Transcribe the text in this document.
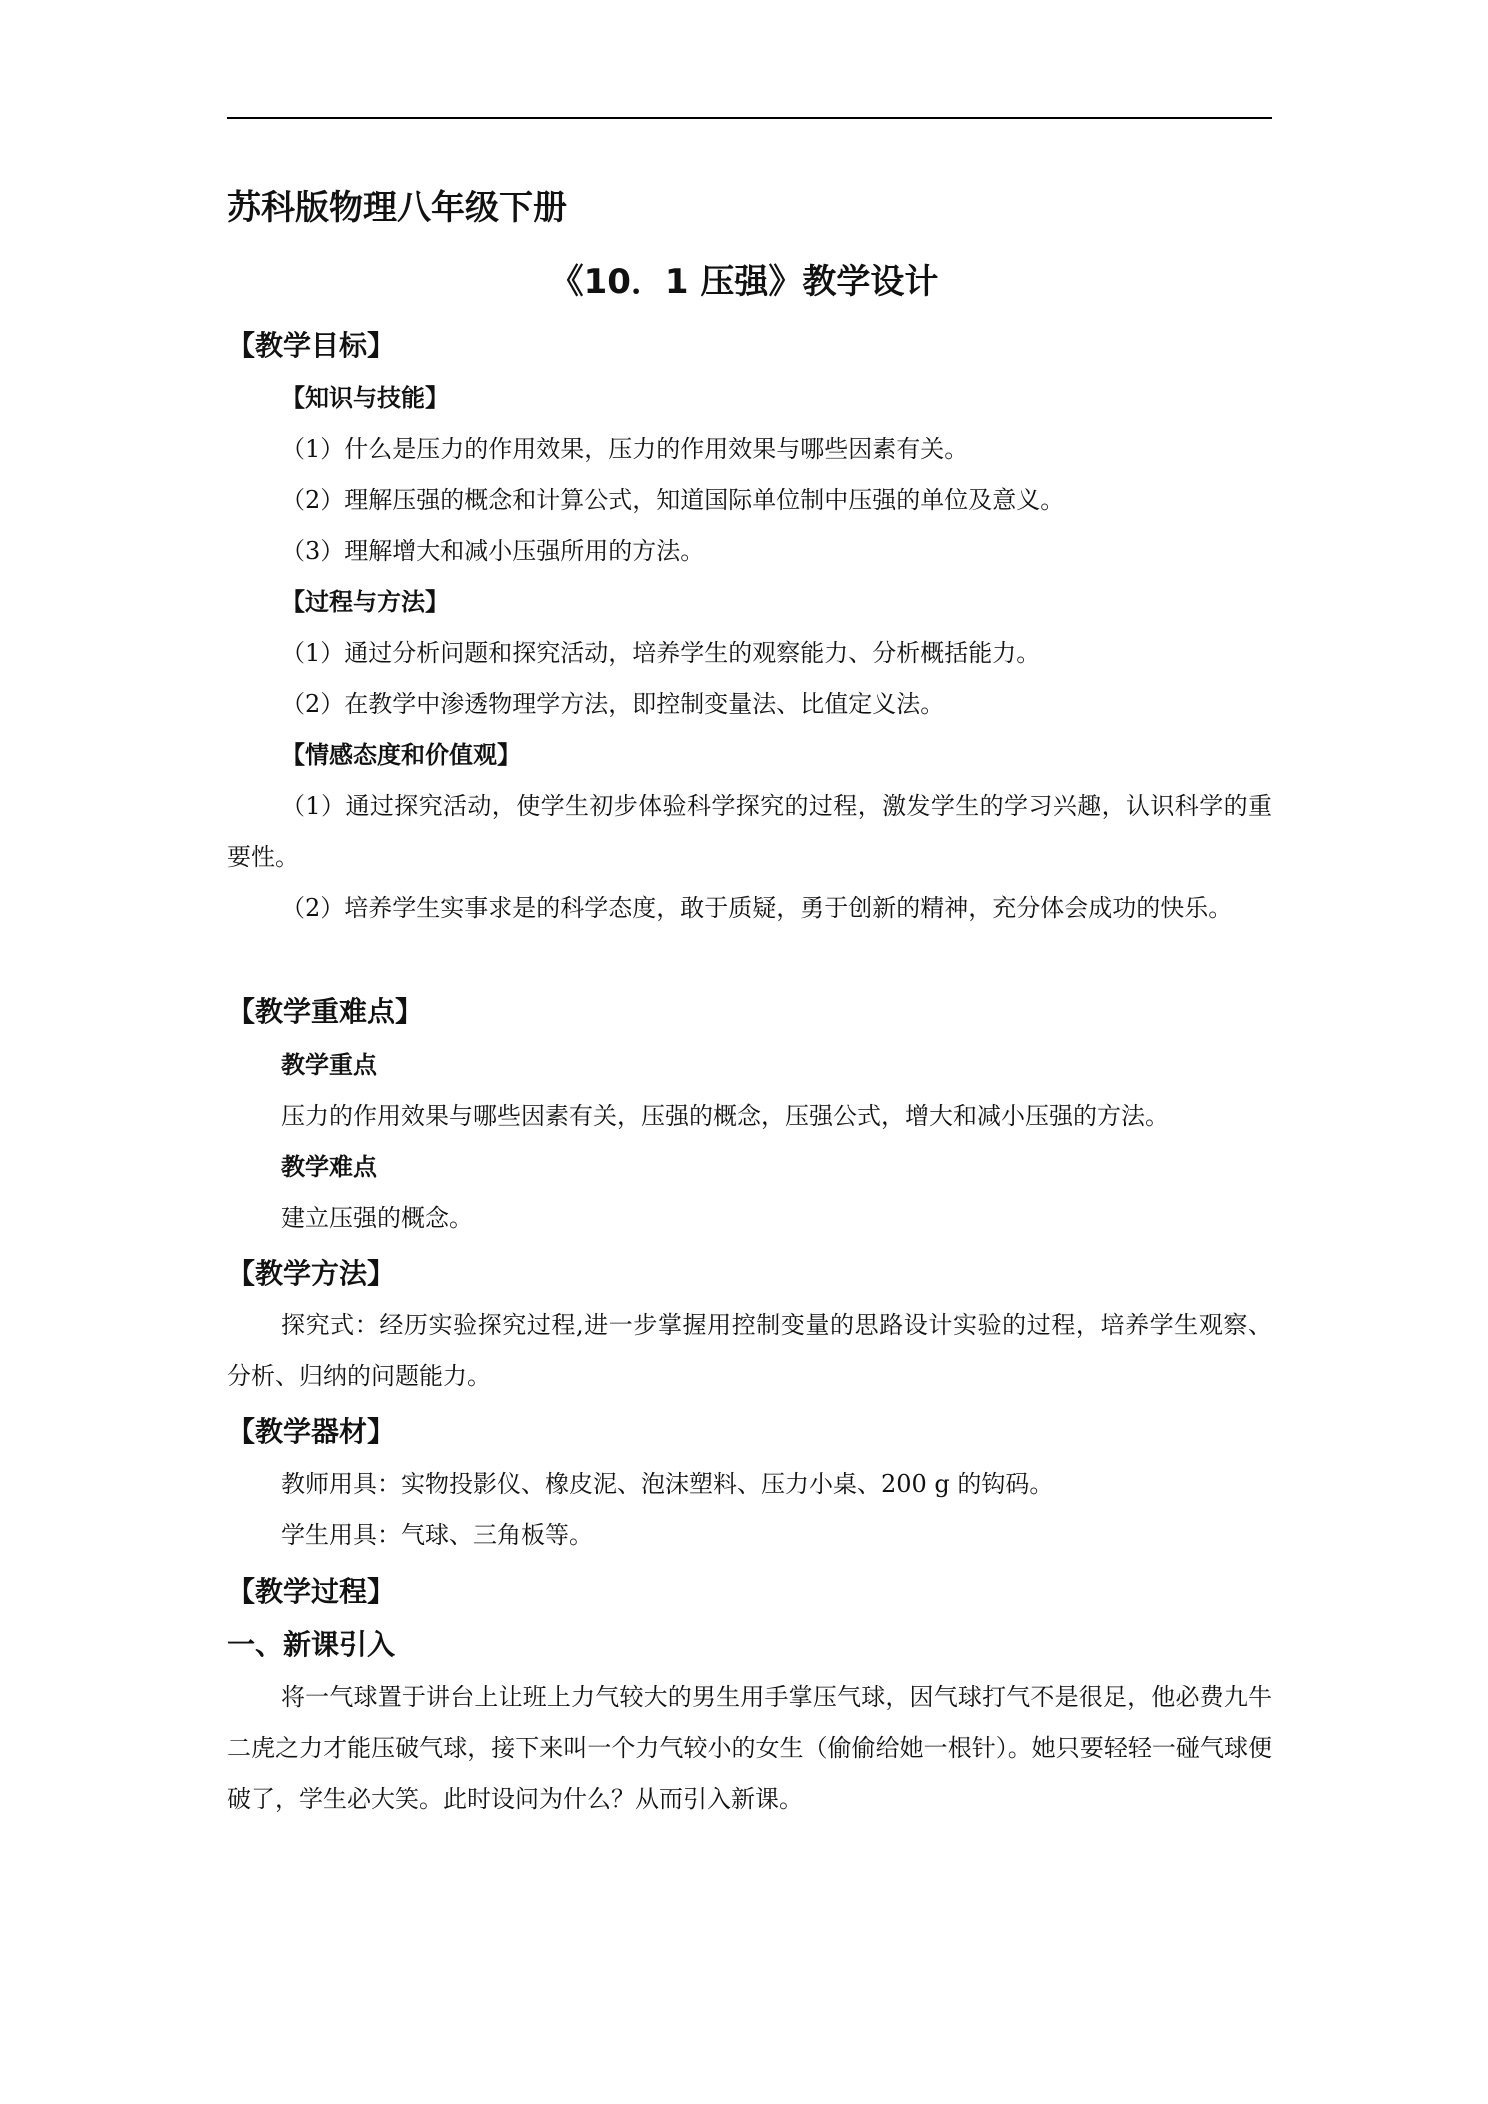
苏科版物理八年级下册
《10．1 压强》教学设计
【教学目标】
【知识与技能】
（1）什么是压力的作用效果，压力的作用效果与哪些因素有关。
（2）理解压强的概念和计算公式，知道国际单位制中压强的单位及意义。
（3）理解增大和减小压强所用的方法。
【过程与方法】
（1）通过分析问题和探究活动，培养学生的观察能力、分析概括能力。
（2）在教学中渗透物理学方法，即控制变量法、比值定义法。
【情感态度和价值观】
（1）通过探究活动，使学生初步体验科学探究的过程，激发学生的学习兴趣，认识科学的重要性。
（2）培养学生实事求是的科学态度，敢于质疑，勇于创新的精神，充分体会成功的快乐。
【教学重难点】
教学重点
压力的作用效果与哪些因素有关，压强的概念，压强公式，增大和减小压强的方法。
教学难点
建立压强的概念。
【教学方法】
探究式：经历实验探究过程,进一步掌握用控制变量的思路设计实验的过程，培养学生观察、分析、归纳的问题能力。
【教学器材】
教师用具：实物投影仪、橡皮泥、泡沫塑料、压力小桌、200 g 的钩码。
学生用具：气球、三角板等。
【教学过程】
一、新课引入
将一气球置于讲台上让班上力气较大的男生用手掌压气球，因气球打气不是很足，他必费九牛二虎之力才能压破气球，接下来叫一个力气较小的女生（偷偷给她一根针）。她只要轻轻一碰气球便破了，学生必大笑。此时设问为什么？从而引入新课。
